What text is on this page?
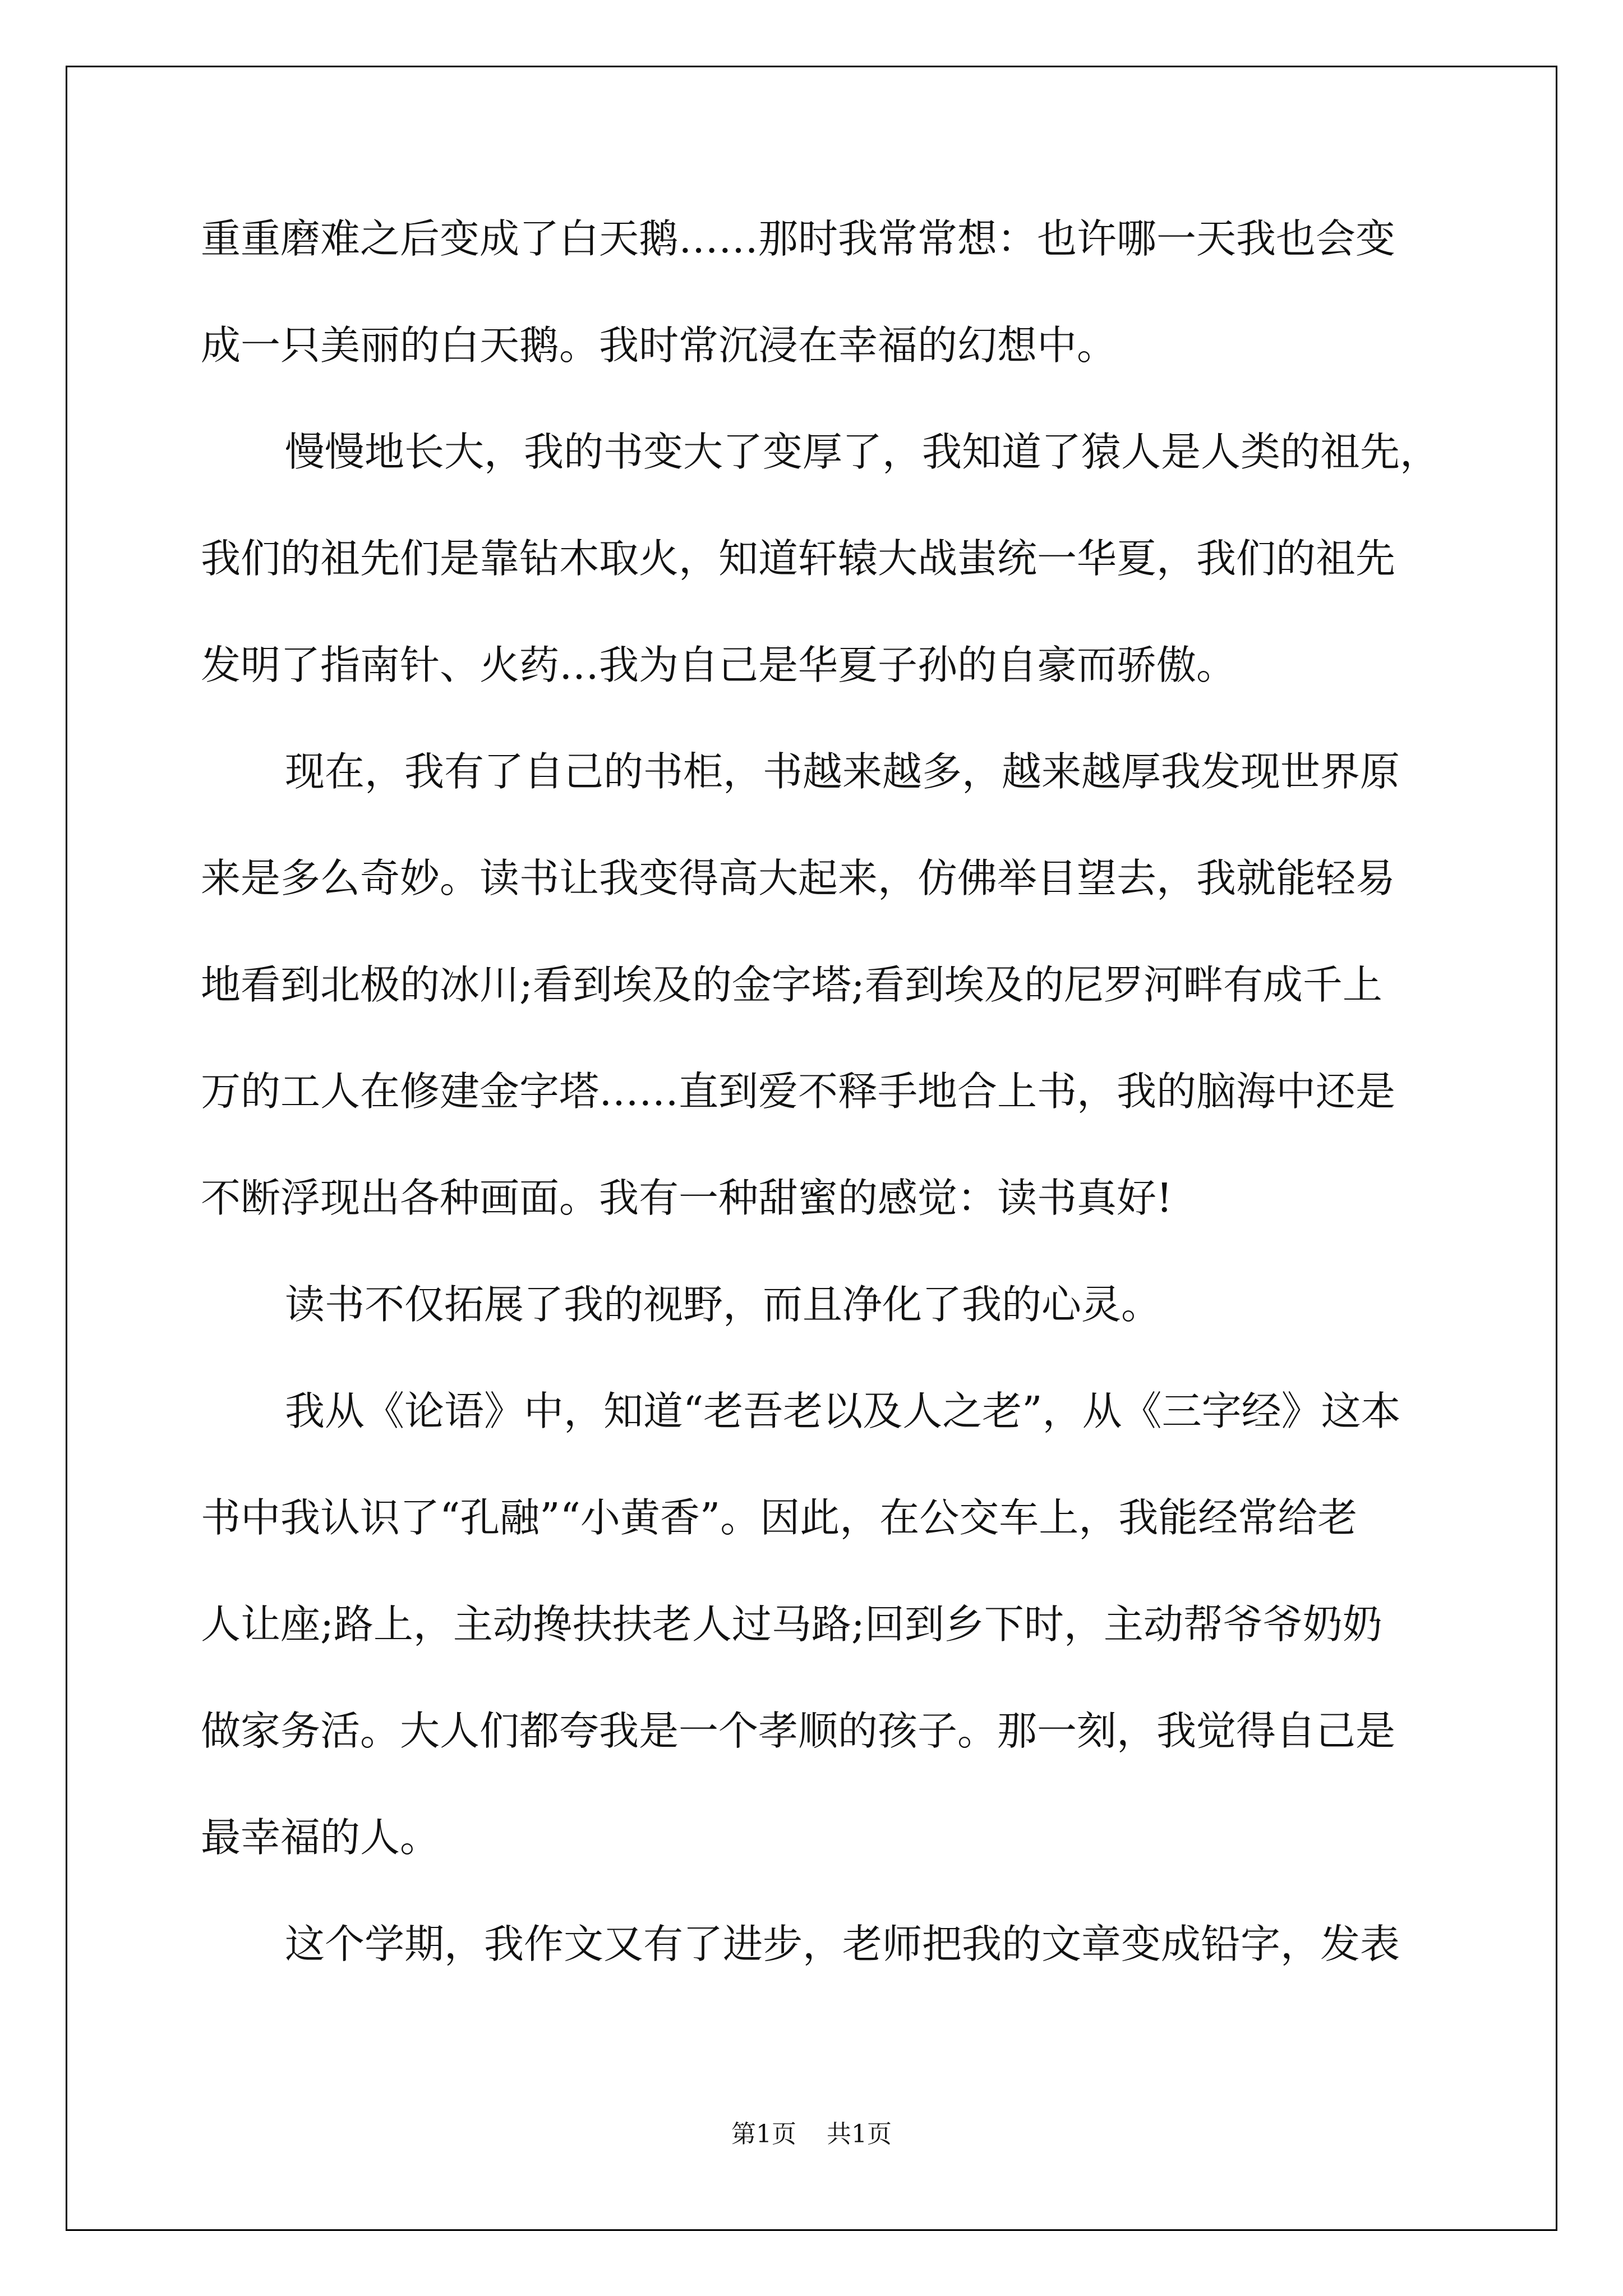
重重磨难之后变成了白天鹅……那时我常常想：也许哪一天我也会变
成一只美丽的白天鹅。我时常沉浸在幸福的幻想中。
慢慢地长大，我的书变大了变厚了，我知道了猿人是人类的祖先，
我们的祖先们是靠钻木取火，知道轩辕大战蚩统一华夏，我们的祖先
发明了指南针、火药…我为自己是华夏子孙的自豪而骄傲。
现在，我有了自己的书柜，书越来越多，越来越厚我发现世界原
来是多么奇妙。读书让我变得高大起来，仿佛举目望去，我就能轻易
地看到北极的冰川;看到埃及的金字塔;看到埃及的尼罗河畔有成千上
万的工人在修建金字塔……直到爱不释手地合上书，我的脑海中还是
不断浮现出各种画面。我有一种甜蜜的感觉：读书真好!
读书不仅拓展了我的视野，而且净化了我的心灵。
我从《论语》中，知道“老吾老以及人之老”，从《三字经》这本
书中我认识了“孔融”“小黄香”。因此，在公交车上，我能经常给老
人让座;路上，主动搀扶扶老人过马路;回到乡下时，主动帮爷爷奶奶
做家务活。大人们都夸我是一个孝顺的孩子。那一刻，我觉得自己是
最幸福的人。
这个学期，我作文又有了进步，老师把我的文章变成铅字，发表
第1页 共1页
